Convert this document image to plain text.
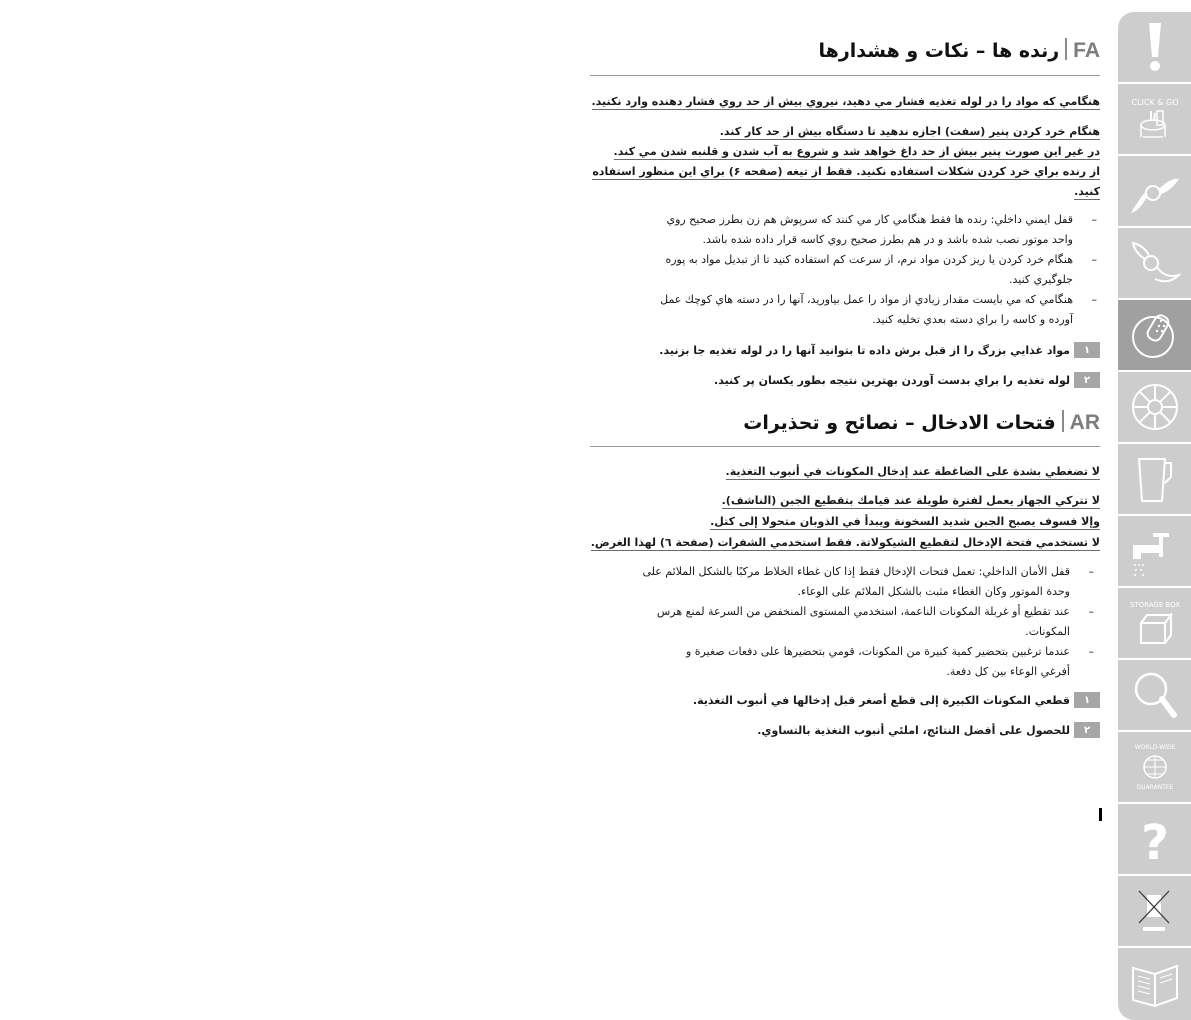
FAرنده ها – نکات و هشدارها
هنگامي كه مواد را در لوله تغذيه فشار مي دهيد، نيروي بيش از حد روي فشار دهنده وارد نكنيد.
هنگام خرد كردن پنير (سفت) اجازه ندهيد تا دستگاه بيش از حد كار كند.
در غير اين صورت پنير بيش از حد داغ خواهد شد و شروع به آب شدن و قلنبه شدن مي كند.
از رنده براي خرد كردن شكلات استفاده نكنيد. فقط از تيغه (صفحه ۶) براي اين منظور استفاده
كنيد.
–
قفل ايمني داخلي: رنده ها فقط هنگامي كار مي كنند كه سرپوش هم زن بطرز صحيح روي
واحد موتور نصب شده باشد و در هم بطرز صحيح روي كاسه قرار داده شده باشد.
–
هنگام خرد كردن يا ريز كردن مواد نرم، از سرعت كم استفاده كنيد تا از تبديل مواد به پوره
جلوگيري كنيد.
–
هنگامي كه مي بايست مقدار زيادي از مواد را عمل بياوريد، آنها را در دسته هاي كوچك عمل
آورده و كاسه را براي دسته بعدي تخليه كنيد.
۱
مواد غذايي بزرگ را از قبل برش داده تا بتوانيد آنها را در لوله تغذيه جا بزنيد.
۲
لوله تغذيه را براي بدست آوردن بهترين نتيجه بطور يكسان پر كنيد.
ARفتحات الادخال – نصائح و تحذيرات
لا تضغطي بشدة على الضاغطة عند إدخال المكونات في أنبوب التغذية.
لا تتركي الجهاز يعمل لفترة طويلة عند قيامك بتقطيع الجبن (الناشف).
وإلا فسوف يصبح الجبن شديد السخونة ويبدأ في الذوبان متحولا إلى كتل.
لا تستخدمي فتحة الإدخال لتقطيع الشيكولاتة. فقط استخدمي الشفرات (صفحة ٦) لهذا الغرض.
–
قفل الأمان الداخلي: تعمل فتحات الإدخال فقط إذا كان غطاء الخلاط مركبًا بالشكل الملائم على
وحدة الموتور وكان الغطاء مثبت بالشكل الملائم على الوعاء.
–
عند تقطيع أو غربلة المكونات الناعمة، استخدمي المستوى المنخفض من السرعة لمنع هرس
المكونات.
–
عندما ترغبين بتحضير كمية كبيرة من المكونات، قومي بتحضيرها على دفعات صغيرة و
أفرغي الوعاء بين كل دفعة.
١
قطعي المكونات الكبيرة إلى قطع أصغر قبل إدخالها في أنبوب التغذية.
٢
للحصول على أفضل النتائج، املئي أنبوب التغذية بالتساوي.
CLICK & GO
STORAGE BOX
WORLD-WIDE
GUARANTEE
?
